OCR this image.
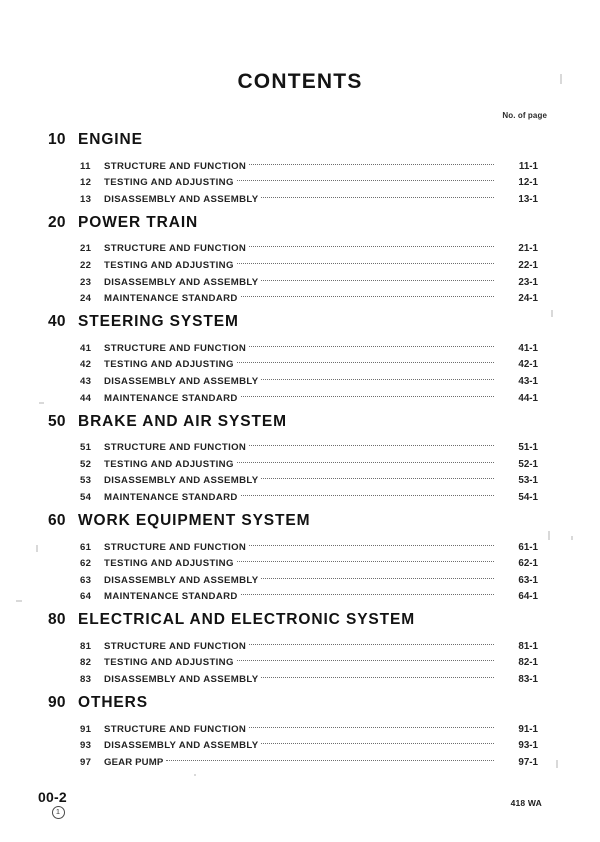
CONTENTS
No. of page
10 ENGINE
11	STRUCTURE AND FUNCTION	11-1
12	TESTING AND ADJUSTING	12-1
13	DISASSEMBLY AND ASSEMBLY	13-1
20 POWER TRAIN
21	STRUCTURE AND FUNCTION	21-1
22	TESTING AND ADJUSTING	22-1
23	DISASSEMBLY AND ASSEMBLY	23-1
24	MAINTENANCE STANDARD	24-1
40 STEERING SYSTEM
41	STRUCTURE AND FUNCTION	41-1
42	TESTING AND ADJUSTING	42-1
43	DISASSEMBLY AND ASSEMBLY	43-1
44	MAINTENANCE STANDARD	44-1
50 BRAKE AND AIR SYSTEM
51	STRUCTURE AND FUNCTION	51-1
52	TESTING AND ADJUSTING	52-1
53	DISASSEMBLY AND ASSEMBLY	53-1
54	MAINTENANCE STANDARD	54-1
60 WORK EQUIPMENT SYSTEM
61	STRUCTURE AND FUNCTION	61-1
62	TESTING AND ADJUSTING	62-1
63	DISASSEMBLY AND ASSEMBLY	63-1
64	MAINTENANCE STANDARD	64-1
80 ELECTRICAL AND ELECTRONIC SYSTEM
81	STRUCTURE AND FUNCTION	81-1
82	TESTING AND ADJUSTING	82-1
83	DISASSEMBLY AND ASSEMBLY	83-1
90 OTHERS
91	STRUCTURE AND FUNCTION	91-1
93	DISASSEMBLY AND ASSEMBLY	93-1
97	GEAR PUMP	97-1
00-2
1
418 WA
